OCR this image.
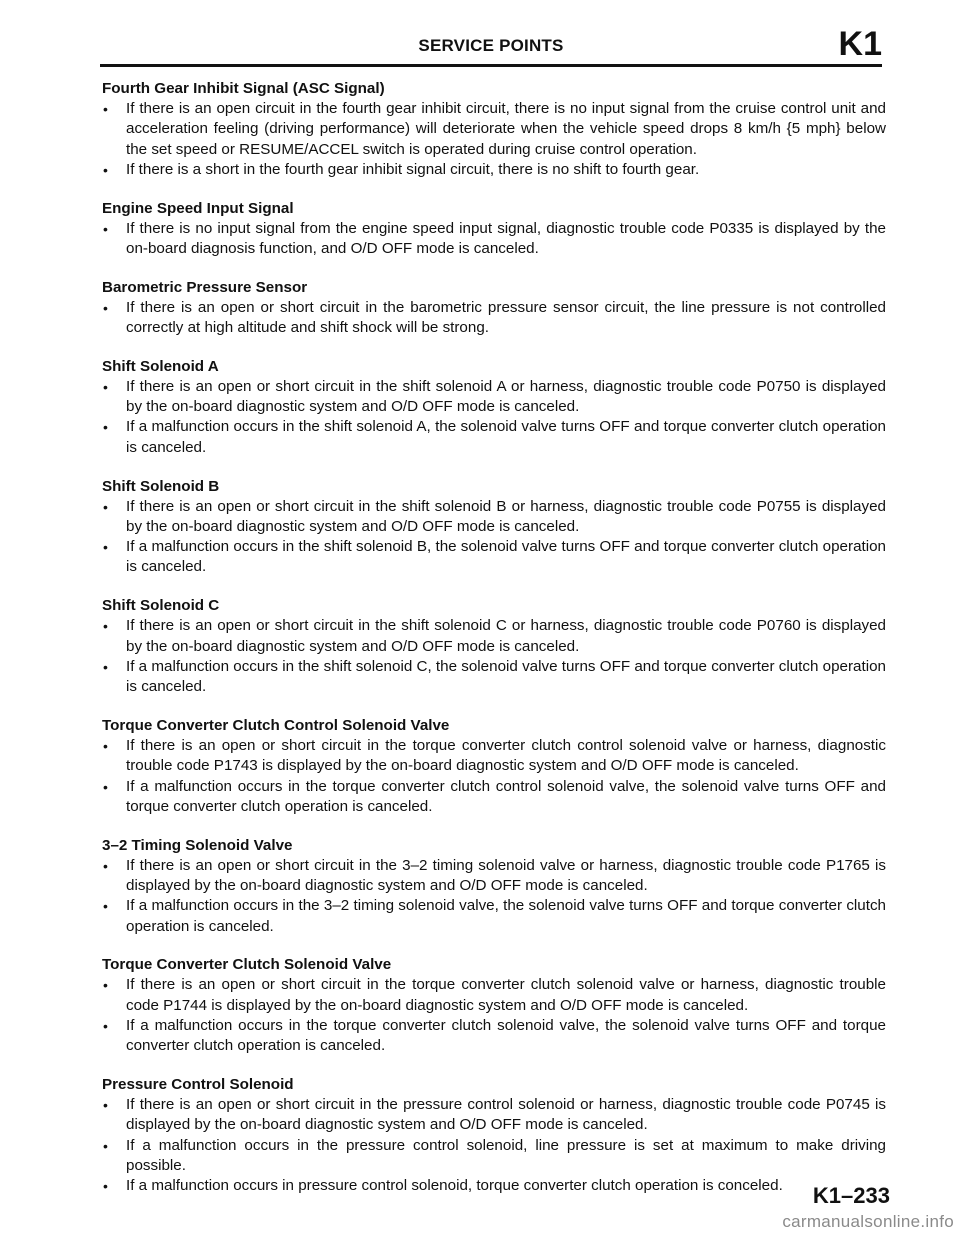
SERVICE POINTS	K1
Fourth Gear Inhibit Signal (ASC Signal)
• If there is an open circuit in the fourth gear inhibit circuit, there is no input signal from the cruise control unit and acceleration feeling (driving performance) will deteriorate when the vehicle speed drops 8 km/h {5 mph} below the set speed or RESUME/ACCEL switch is operated during cruise control operation.
• If there is a short in the fourth gear inhibit signal circuit, there is no shift to fourth gear.
Engine Speed Input Signal
• If there is no input signal from the engine speed input signal, diagnostic trouble code P0335 is displayed by the on-board diagnosis function, and O/D OFF mode is canceled.
Barometric Pressure Sensor
• If there is an open or short circuit in the barometric pressure sensor circuit, the line pressure is not controlled correctly at high altitude and shift shock will be strong.
Shift Solenoid A
• If there is an open or short circuit in the shift solenoid A or harness, diagnostic trouble code P0750 is displayed by the on-board diagnostic system and O/D OFF mode is canceled.
• If a malfunction occurs in the shift solenoid A, the solenoid valve turns OFF and torque converter clutch operation is canceled.
Shift Solenoid B
• If there is an open or short circuit in the shift solenoid B or harness, diagnostic trouble code P0755 is displayed by the on-board diagnostic system and O/D OFF mode is canceled.
• If a malfunction occurs in the shift solenoid B, the solenoid valve turns OFF and torque converter clutch operation is canceled.
Shift Solenoid C
• If there is an open or short circuit in the shift solenoid C or harness, diagnostic trouble code P0760 is displayed by the on-board diagnostic system and O/D OFF mode is canceled.
• If a malfunction occurs in the shift solenoid C, the solenoid valve turns OFF and torque converter clutch operation is canceled.
Torque Converter Clutch Control Solenoid Valve
• If there is an open or short circuit in the torque converter clutch control solenoid valve or harness, diagnostic trouble code P1743 is displayed by the on-board diagnostic system and O/D OFF mode is canceled.
• If a malfunction occurs in the torque converter clutch control solenoid valve, the solenoid valve turns OFF and torque converter clutch operation is canceled.
3–2 Timing Solenoid Valve
• If there is an open or short circuit in the 3–2 timing solenoid valve or harness, diagnostic trouble code P1765 is displayed by the on-board diagnostic system and O/D OFF mode is canceled.
• If a malfunction occurs in the 3–2 timing solenoid valve, the solenoid valve turns OFF and torque converter clutch operation is canceled.
Torque Converter Clutch Solenoid Valve
• If there is an open or short circuit in the torque converter clutch solenoid valve or harness, diagnostic trouble code P1744 is displayed by the on-board diagnostic system and O/D OFF mode is canceled.
• If a malfunction occurs in the torque converter clutch solenoid valve, the solenoid valve turns OFF and torque converter clutch operation is canceled.
Pressure Control Solenoid
• If there is an open or short circuit in the pressure control solenoid or harness, diagnostic trouble code P0745 is displayed by the on-board diagnostic system and O/D OFF mode is canceled.
• If a malfunction occurs in the pressure control solenoid, line pressure is set at maximum to make driving possible.
• If a malfunction occurs in pressure control solenoid, torque converter clutch operation is conceled.	K1–233
carmanualsonline.info
